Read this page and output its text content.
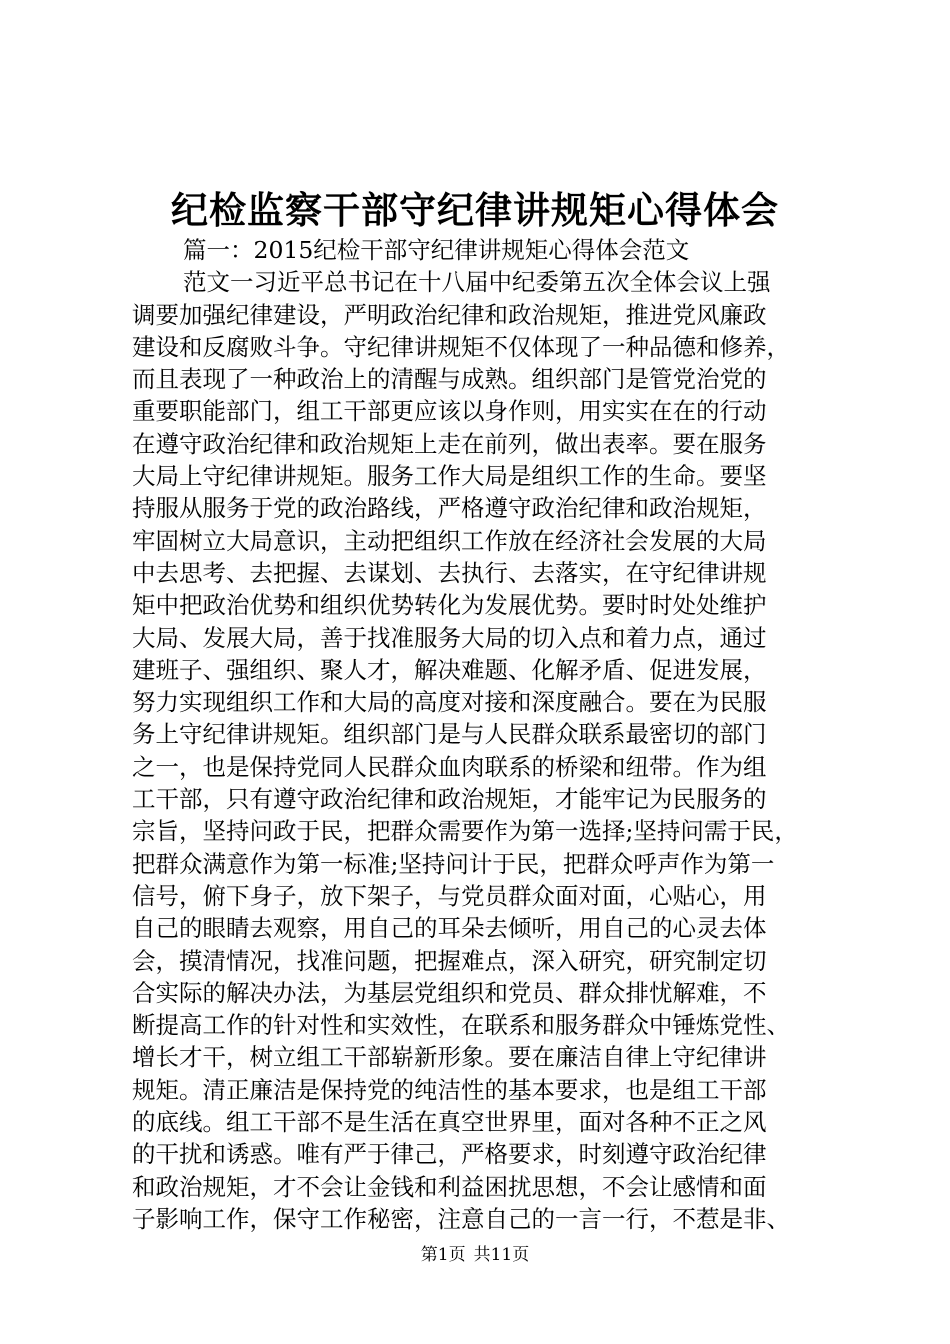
纪检监察干部守纪律讲规矩心得体会
篇一：2015纪检干部守纪律讲规矩心得体会范文
范文一习近平总书记在十八届中纪委第五次全体会议上强
调要加强纪律建设，严明政治纪律和政治规矩，推进党风廉政
建设和反腐败斗争。守纪律讲规矩不仅体现了一种品德和修养，
而且表现了一种政治上的清醒与成熟。组织部门是管党治党的
重要职能部门，组工干部更应该以身作则，用实实在在的行动
在遵守政治纪律和政治规矩上走在前列，做出表率。要在服务
大局上守纪律讲规矩。服务工作大局是组织工作的生命。要坚
持服从服务于党的政治路线，严格遵守政治纪律和政治规矩，
牢固树立大局意识，主动把组织工作放在经济社会发展的大局
中去思考、去把握、去谋划、去执行、去落实，在守纪律讲规
矩中把政治优势和组织优势转化为发展优势。要时时处处维护
大局、发展大局，善于找准服务大局的切入点和着力点，通过
建班子、强组织、聚人才，解决难题、化解矛盾、促进发展，
努力实现组织工作和大局的高度对接和深度融合。要在为民服
务上守纪律讲规矩。组织部门是与人民群众联系最密切的部门
之一，也是保持党同人民群众血肉联系的桥梁和纽带。作为组
工干部，只有遵守政治纪律和政治规矩，才能牢记为民服务的
宗旨，坚持问政于民，把群众需要作为第一选择;坚持问需于民，
把群众满意作为第一标准;坚持问计于民，把群众呼声作为第一
信号，俯下身子，放下架子，与党员群众面对面，心贴心，用
自己的眼睛去观察，用自己的耳朵去倾听，用自己的心灵去体
会，摸清情况，找准问题，把握难点，深入研究，研究制定切
合实际的解决办法，为基层党组织和党员、群众排忧解难，不
断提高工作的针对性和实效性，在联系和服务群众中锤炼党性、
增长才干，树立组工干部崭新形象。要在廉洁自律上守纪律讲
规矩。清正廉洁是保持党的纯洁性的基本要求，也是组工干部
的底线。组工干部不是生活在真空世界里，面对各种不正之风
的干扰和诱惑。唯有严于律己，严格要求，时刻遵守政治纪律
和政治规矩，才不会让金钱和利益困扰思想，不会让感情和面
子影响工作，保守工作秘密，注意自己的一言一行，不惹是非、
第1页 共11页
